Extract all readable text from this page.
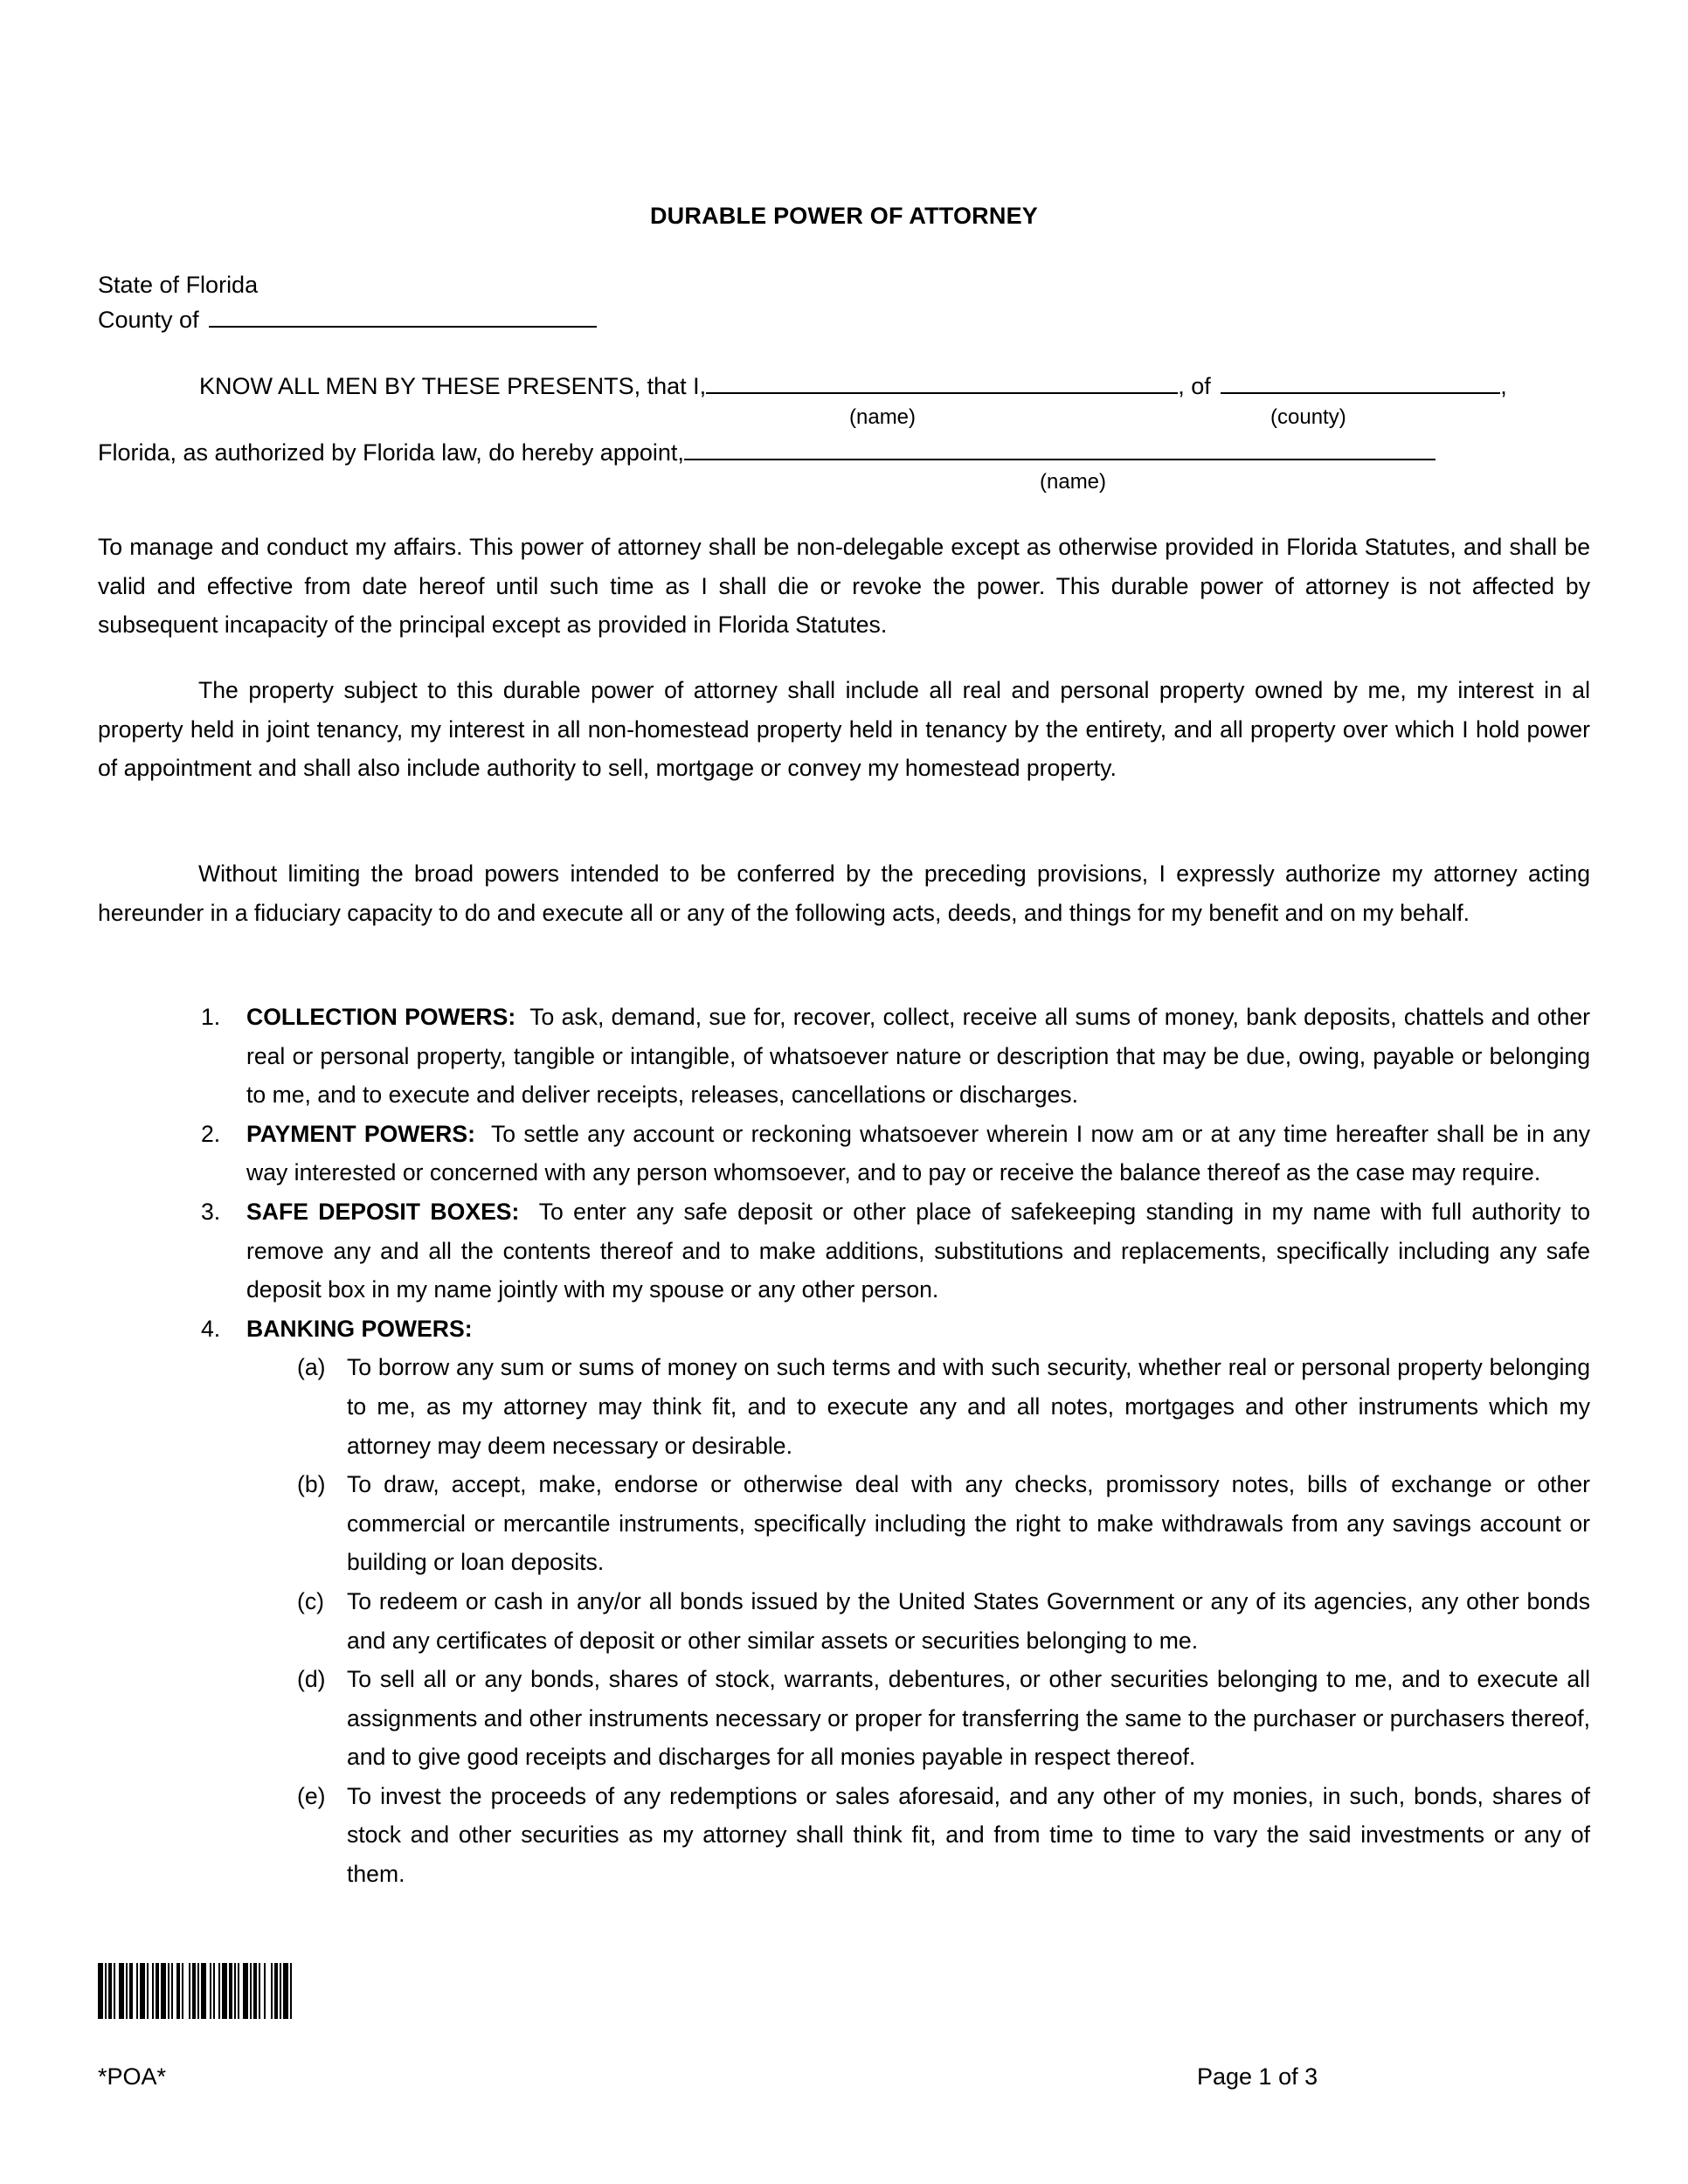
DURABLE POWER OF ATTORNEY
State of Florida
County of
KNOW ALL MEN BY THESE PRESENTS, that I,	, of	,
(name)	(county)
Florida, as authorized by Florida law, do hereby appoint,
(name)
To manage and conduct my affairs. This power of attorney shall be non-delegable except as otherwise provided in Florida Statutes, and shall be valid and effective from date hereof until such time as I shall die or revoke the power. This durable power of attorney is not affected by subsequent incapacity of the principal except as provided in Florida Statutes.
The property subject to this durable power of attorney shall include all real and personal property owned by me, my interest in al property held in joint tenancy, my interest in all non-homestead property held in tenancy by the entirety, and all property over which I hold power of appointment and shall also include authority to sell, mortgage or convey my homestead property.
Without limiting the broad powers intended to be conferred by the preceding provisions, I expressly authorize my attorney acting hereunder in a fiduciary capacity to do and execute all or any of the following acts, deeds, and things for my benefit and on my behalf.
1. COLLECTION POWERS: To ask, demand, sue for, recover, collect, receive all sums of money, bank deposits, chattels and other real or personal property, tangible or intangible, of whatsoever nature or description that may be due, owing, payable or belonging to me, and to execute and deliver receipts, releases, cancellations or discharges.
2. PAYMENT POWERS: To settle any account or reckoning whatsoever wherein I now am or at any time hereafter shall be in any way interested or concerned with any person whomsoever, and to pay or receive the balance thereof as the case may require.
3. SAFE DEPOSIT BOXES: To enter any safe deposit or other place of safekeeping standing in my name with full authority to remove any and all the contents thereof and to make additions, substitutions and replacements, specifically including any safe deposit box in my name jointly with my spouse or any other person.
4. BANKING POWERS:
(a) To borrow any sum or sums of money on such terms and with such security, whether real or personal property belonging to me, as my attorney may think fit, and to execute any and all notes, mortgages and other instruments which my attorney may deem necessary or desirable.
(b) To draw, accept, make, endorse or otherwise deal with any checks, promissory notes, bills of exchange or other commercial or mercantile instruments, specifically including the right to make withdrawals from any savings account or building or loan deposits.
(c) To redeem or cash in any/or all bonds issued by the United States Government or any of its agencies, any other bonds and any certificates of deposit or other similar assets or securities belonging to me.
(d) To sell all or any bonds, shares of stock, warrants, debentures, or other securities belonging to me, and to execute all assignments and other instruments necessary or proper for transferring the same to the purchaser or purchasers thereof, and to give good receipts and discharges for all monies payable in respect thereof.
(e) To invest the proceeds of any redemptions or sales aforesaid, and any other of my monies, in such, bonds, shares of stock and other securities as my attorney shall think fit, and from time to time to vary the said investments or any of them.
*POA*	Page 1 of 3
